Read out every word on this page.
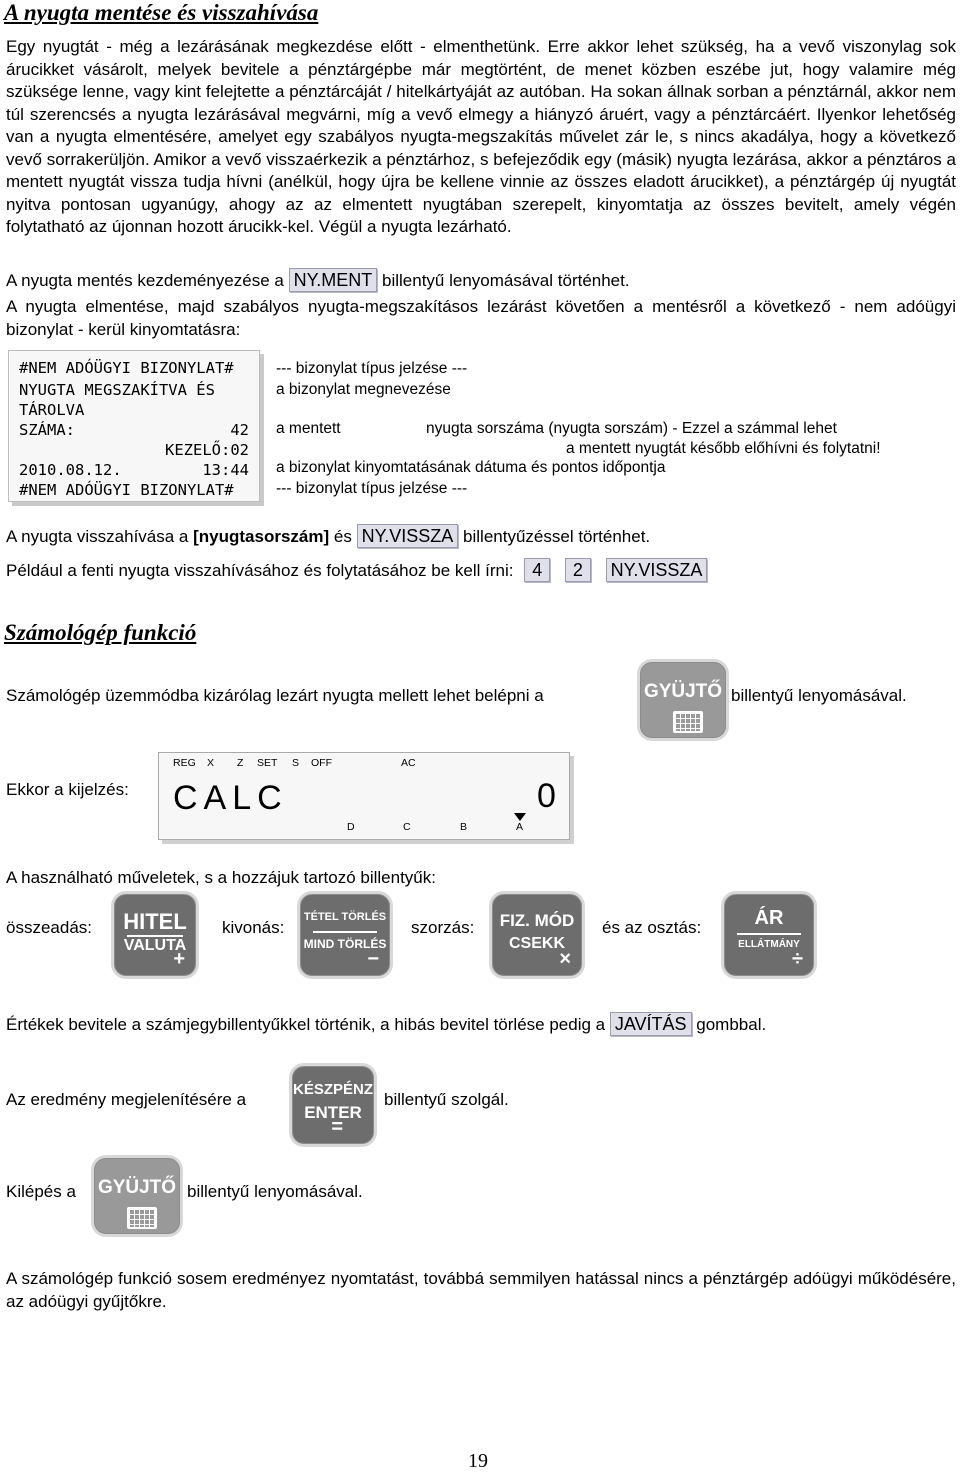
A nyugta mentése és visszahívása
Egy nyugtát - még a lezárásának megkezdése előtt - elmenthetünk. Erre akkor lehet szükség, ha a vevő viszonylag sok árucikket vásárolt, melyek bevitele a pénztárgépbe már megtörtént, de menet közben eszébe jut, hogy valamire még szüksége lenne, vagy kint felejtette a pénztárcáját / hitelkártyáját az autóban. Ha sokan állnak sorban a pénztárnál, akkor nem túl szerencsés a nyugta lezárásával megvárni, míg a vevő elmegy a hiányzó áruért, vagy a pénztárcáért. Ilyenkor lehetőség van a nyugta elmentésére, amelyet egy szabályos nyugta-megszakítás művelet zár le, s nincs akadálya, hogy a következő vevő sorrakerüljön. Amikor a vevő visszaérkezik a pénztárhoz, s befejeződik egy (másik) nyugta lezárása, akkor a pénztáros a mentett nyugtát vissza tudja hívni (anélkül, hogy újra be kellene vinnie az összes eladott árucikket), a pénztárgép új nyugtát nyitva pontosan ugyanúgy, ahogy az az elmentett nyugtában szerepelt, kinyomtatja az összes bevitelt, amely végén folytatható az újonnan hozott árucikk-kel. Végül a nyugta lezárható.
A nyugta mentés kezdeményezése a NY.MENT billentyű lenyomásával történhet.
A nyugta elmentése, majd szabályos nyugta-megszakításos lezárást követően a mentésről a következő - nem adóügyi bizonylat - kerül kinyomtatásra:
#NEM ADÓÜGYI BIZONYLAT#
NYUGTA MEGSZAKÍTVA ÉS
TÁROLVA
SZÁMA:	42
KEZELŐ:02
2010.08.12.	13:44
#NEM ADÓÜGYI BIZONYLAT#
--- bizonylat típus jelzése ---
a bizonylat megnevezése
a mentett	nyugta sorszáma (nyugta sorszám) - Ezzel a számmal lehet
a mentett nyugtát később előhívni és folytatni!
a bizonylat kinyomtatásának dátuma és pontos időpontja
--- bizonylat típus jelzése ---
A nyugta visszahívása a [nyugtasorszám] és NY.VISSZA billentyűzéssel történhet.
Például a fenti nyugta visszahívásához és folytatásához be kell írni: 4 2 NY.VISSZA
Számológép funkció
Számológép üzemmódba kizárólag lezárt nyugta mellett lehet belépni a	GYÜJTŐ billentyű lenyomásával.
Ekkor a kijelzés:
REG X Z SET S OFF	AC
CALC	0
D	C	B	A
A használható műveletek, s a hozzájuk tartozó billentyűk:
összeadás:	HITEL
VALUTA
+
kivonás:
TÉTEL TÖRLÉS
MIND TÖRLÉS
−
szorzás:	FIZ. MÓD
CSEKK
×
és az osztás:	ÁR
ELLÁTMÁNY
÷
Értékek bevitele a számjegybillentyűkkel történik, a hibás bevitel törlése pedig a JAVÍTÁS gombbal.
Az eredmény megjelenítésére a
KÉSZPÉNZ
ENTER
=
billentyű szolgál.
Kilépés a GYÜJTŐ billentyű lenyomásával.
A számológép funkció sosem eredményez nyomtatást, továbbá semmilyen hatással nincs a pénztárgép adóügyi működésére, az adóügyi gyűjtőkre.
19
